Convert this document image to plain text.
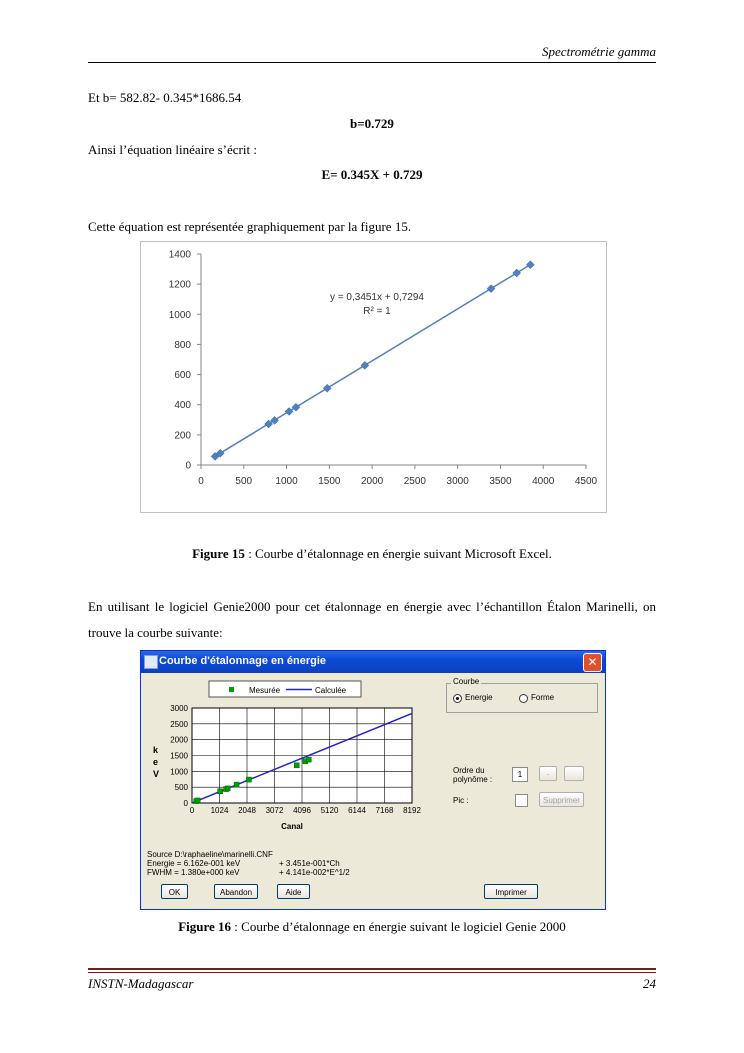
Spectrométrie gamma
Et b= 582.82- 0.345*1686.54
b=0.729
Ainsi l’équation linéaire s’écrit :
E= 0.345X + 0.729
Cette équation est représentée graphiquement par la figure 15.
0
200
400
600
800
1000
1200
1400
0	500 1000 1500 2000 2500 3000 3500 4000 4500
y = 0,3451x + 0,7294
R² = 1
Figure 15 : Courbe d’étalonnage en énergie suivant Microsoft Excel.
En utilisant le logiciel Genie2000 pour cet étalonnage en énergie avec l’échantillon Étalon Marinelli, on trouve la courbe suivante:
Courbe d'étalonnage en énergie	✕
Mesurée	Calculée
0 1024 2048 3072 4096 5120 6144 7168 8192
0
500
1000
1500
2000
2500
3000
Canal
k
e
V
Courbe
Energie	Forme
Ordre du
polynôme :
1	-
Pic :	Supprimer
Source D:\raphaeline\marinelli.CNF
Energie = 6.162e-001 keV	+ 3.451e-001*Ch
FWHM = 1.380e+000 keV	+ 4.141e-002*E^1/2
OK	Abandon	Aide	Imprimer
Figure 16 : Courbe d’étalonnage en énergie suivant le logiciel Genie 2000
INSTN-Madagascar	24
